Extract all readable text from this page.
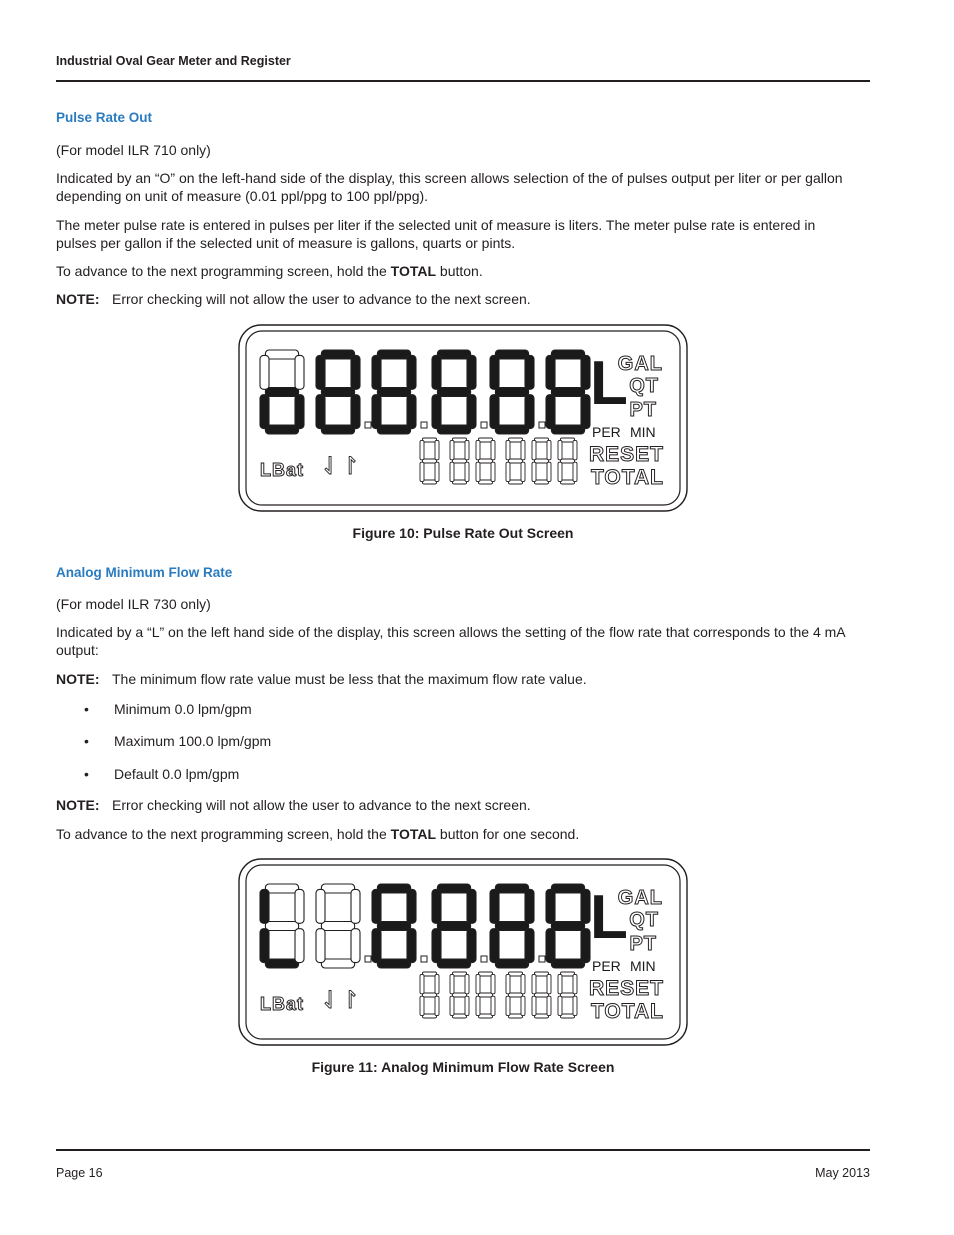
Industrial Oval Gear Meter and Register
Pulse Rate Out
(For model ILR 710 only)
Indicated by an “O” on the left-hand side of the display, this screen allows selection of the of pulses output per liter or per gallon depending on unit of measure (0.01 ppl/ppg to 100 ppl/ppg).
The meter pulse rate is entered in pulses per liter if the selected unit of measure is liters. The meter pulse rate is entered in pulses per gallon if the selected unit of measure is gallons, quarts or pints.
To advance to the next programming screen, hold the TOTAL button.
NOTE: Error checking will not allow the user to advance to the next screen.
L
GAL
QT
PT
PER MIN
RESET
TOTAL
LBat ⇃↾
Figure 10: Pulse Rate Out Screen
Analog Minimum Flow Rate
(For model ILR 730 only)
Indicated by a “L” on the left hand side of the display, this screen allows the setting of the flow rate that corresponds to the 4 mA output:
NOTE: The minimum flow rate value must be less that the maximum flow rate value.
• Minimum 0.0 lpm/gpm
• Maximum 100.0 lpm/gpm
• Default 0.0 lpm/gpm
NOTE: Error checking will not allow the user to advance to the next screen.
To advance to the next programming screen, hold the TOTAL button for one second.
L
GAL
QT
PT
PER MIN
RESET
TOTAL
LBat ⇃↾
Figure 11: Analog Minimum Flow Rate Screen
Page 16	May 2013
